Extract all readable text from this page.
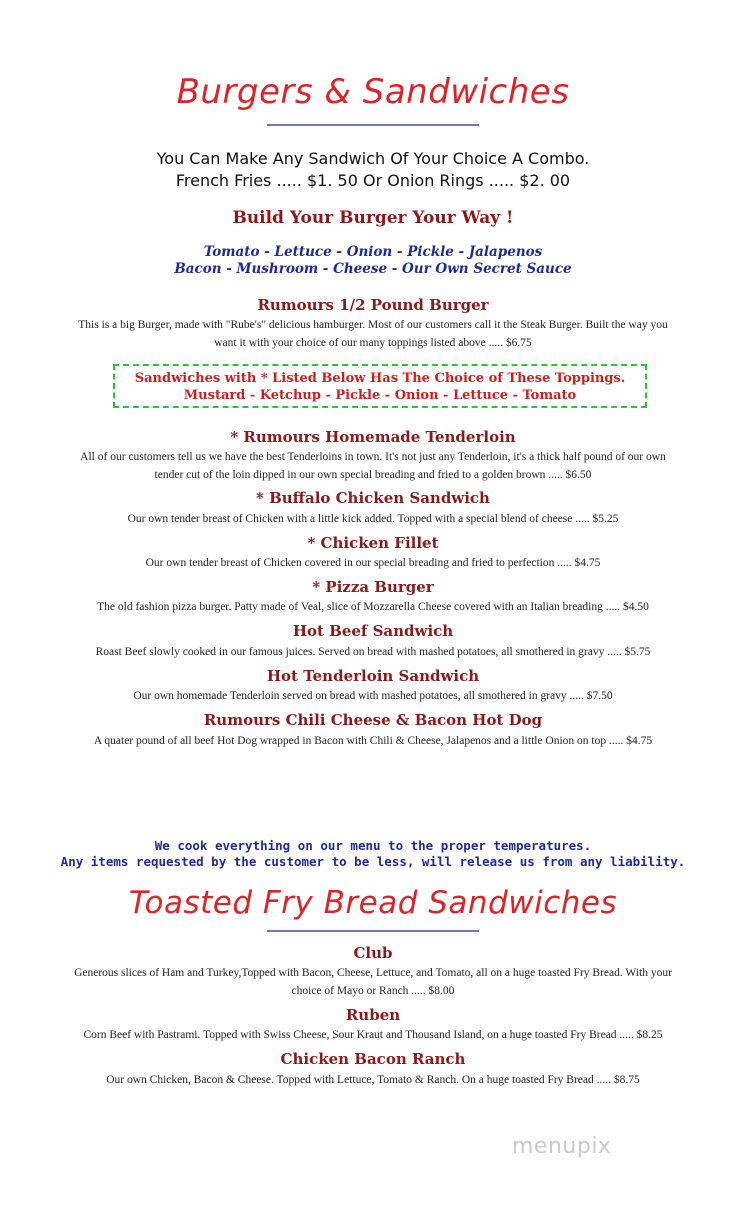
Burgers & Sandwiches
You Can Make Any Sandwich Of Your Choice A Combo.
French Fries ..... $1. 50 Or Onion Rings ..... $2. 00
Build Your Burger Your Way !
Tomato - Lettuce - Onion - Pickle - Jalapenos
Bacon - Mushroom - Cheese - Our Own Secret Sauce
Rumours 1/2 Pound Burger
This is a big Burger, made with "Rube's" delicious hamburger. Most of our customers call it the Steak Burger. Built the way you
want it with your choice of our many toppings listed above ..... $6.75
Sandwiches with * Listed Below Has The Choice of These Toppings.
Mustard - Ketchup - Pickle - Onion - Lettuce - Tomato
* Rumours Homemade Tenderloin
All of our customers tell us we have the best Tenderloins in town. It's not just any Tenderloin, it's a thick half pound of our own
tender cut of the loin dipped in our own special breading and fried to a golden brown ..... $6.50
* Buffalo Chicken Sandwich
Our own tender breast of Chicken with a little kick added. Topped with a special blend of cheese ..... $5.25
* Chicken Fillet
Our own tender breast of Chicken covered in our special breading and fried to perfection ..... $4.75
* Pizza Burger
The old fashion pizza burger. Patty made of Veal, slice of Mozzarella Cheese covered with an Italian breading ..... $4.50
Hot Beef Sandwich
Roast Beef slowly cooked in our famous juices. Served on bread with mashed potatoes, all smothered in gravy ..... $5.75
Hot Tenderloin Sandwich
Our own homemade Tenderloin served on bread with mashed potatoes, all smothered in gravy ..... $7.50
Rumours Chili Cheese & Bacon Hot Dog
A quater pound of all beef Hot Dog wrapped in Bacon with Chili & Cheese, Jalapenos and a little Onion on top ..... $4.75
We cook everything on our menu to the proper temperatures.
Any items requested by the customer to be less, will release us from any liability.
Toasted Fry Bread Sandwiches
Club
Generous slices of Ham and Turkey,Topped with Bacon, Cheese, Lettuce, and Tomato, all on a huge toasted Fry Bread. With your
choice of Mayo or Ranch ..... $8.00
Ruben
Corn Beef with Pastrami. Topped with Swiss Cheese, Sour Kraut and Thousand Island, on a huge toasted Fry Bread ..... $8.25
Chicken Bacon Ranch
Our own Chicken, Bacon & Cheese. Topped with Lettuce, Tomato & Ranch. On a huge toasted Fry Bread ..... $8.75
menupix
